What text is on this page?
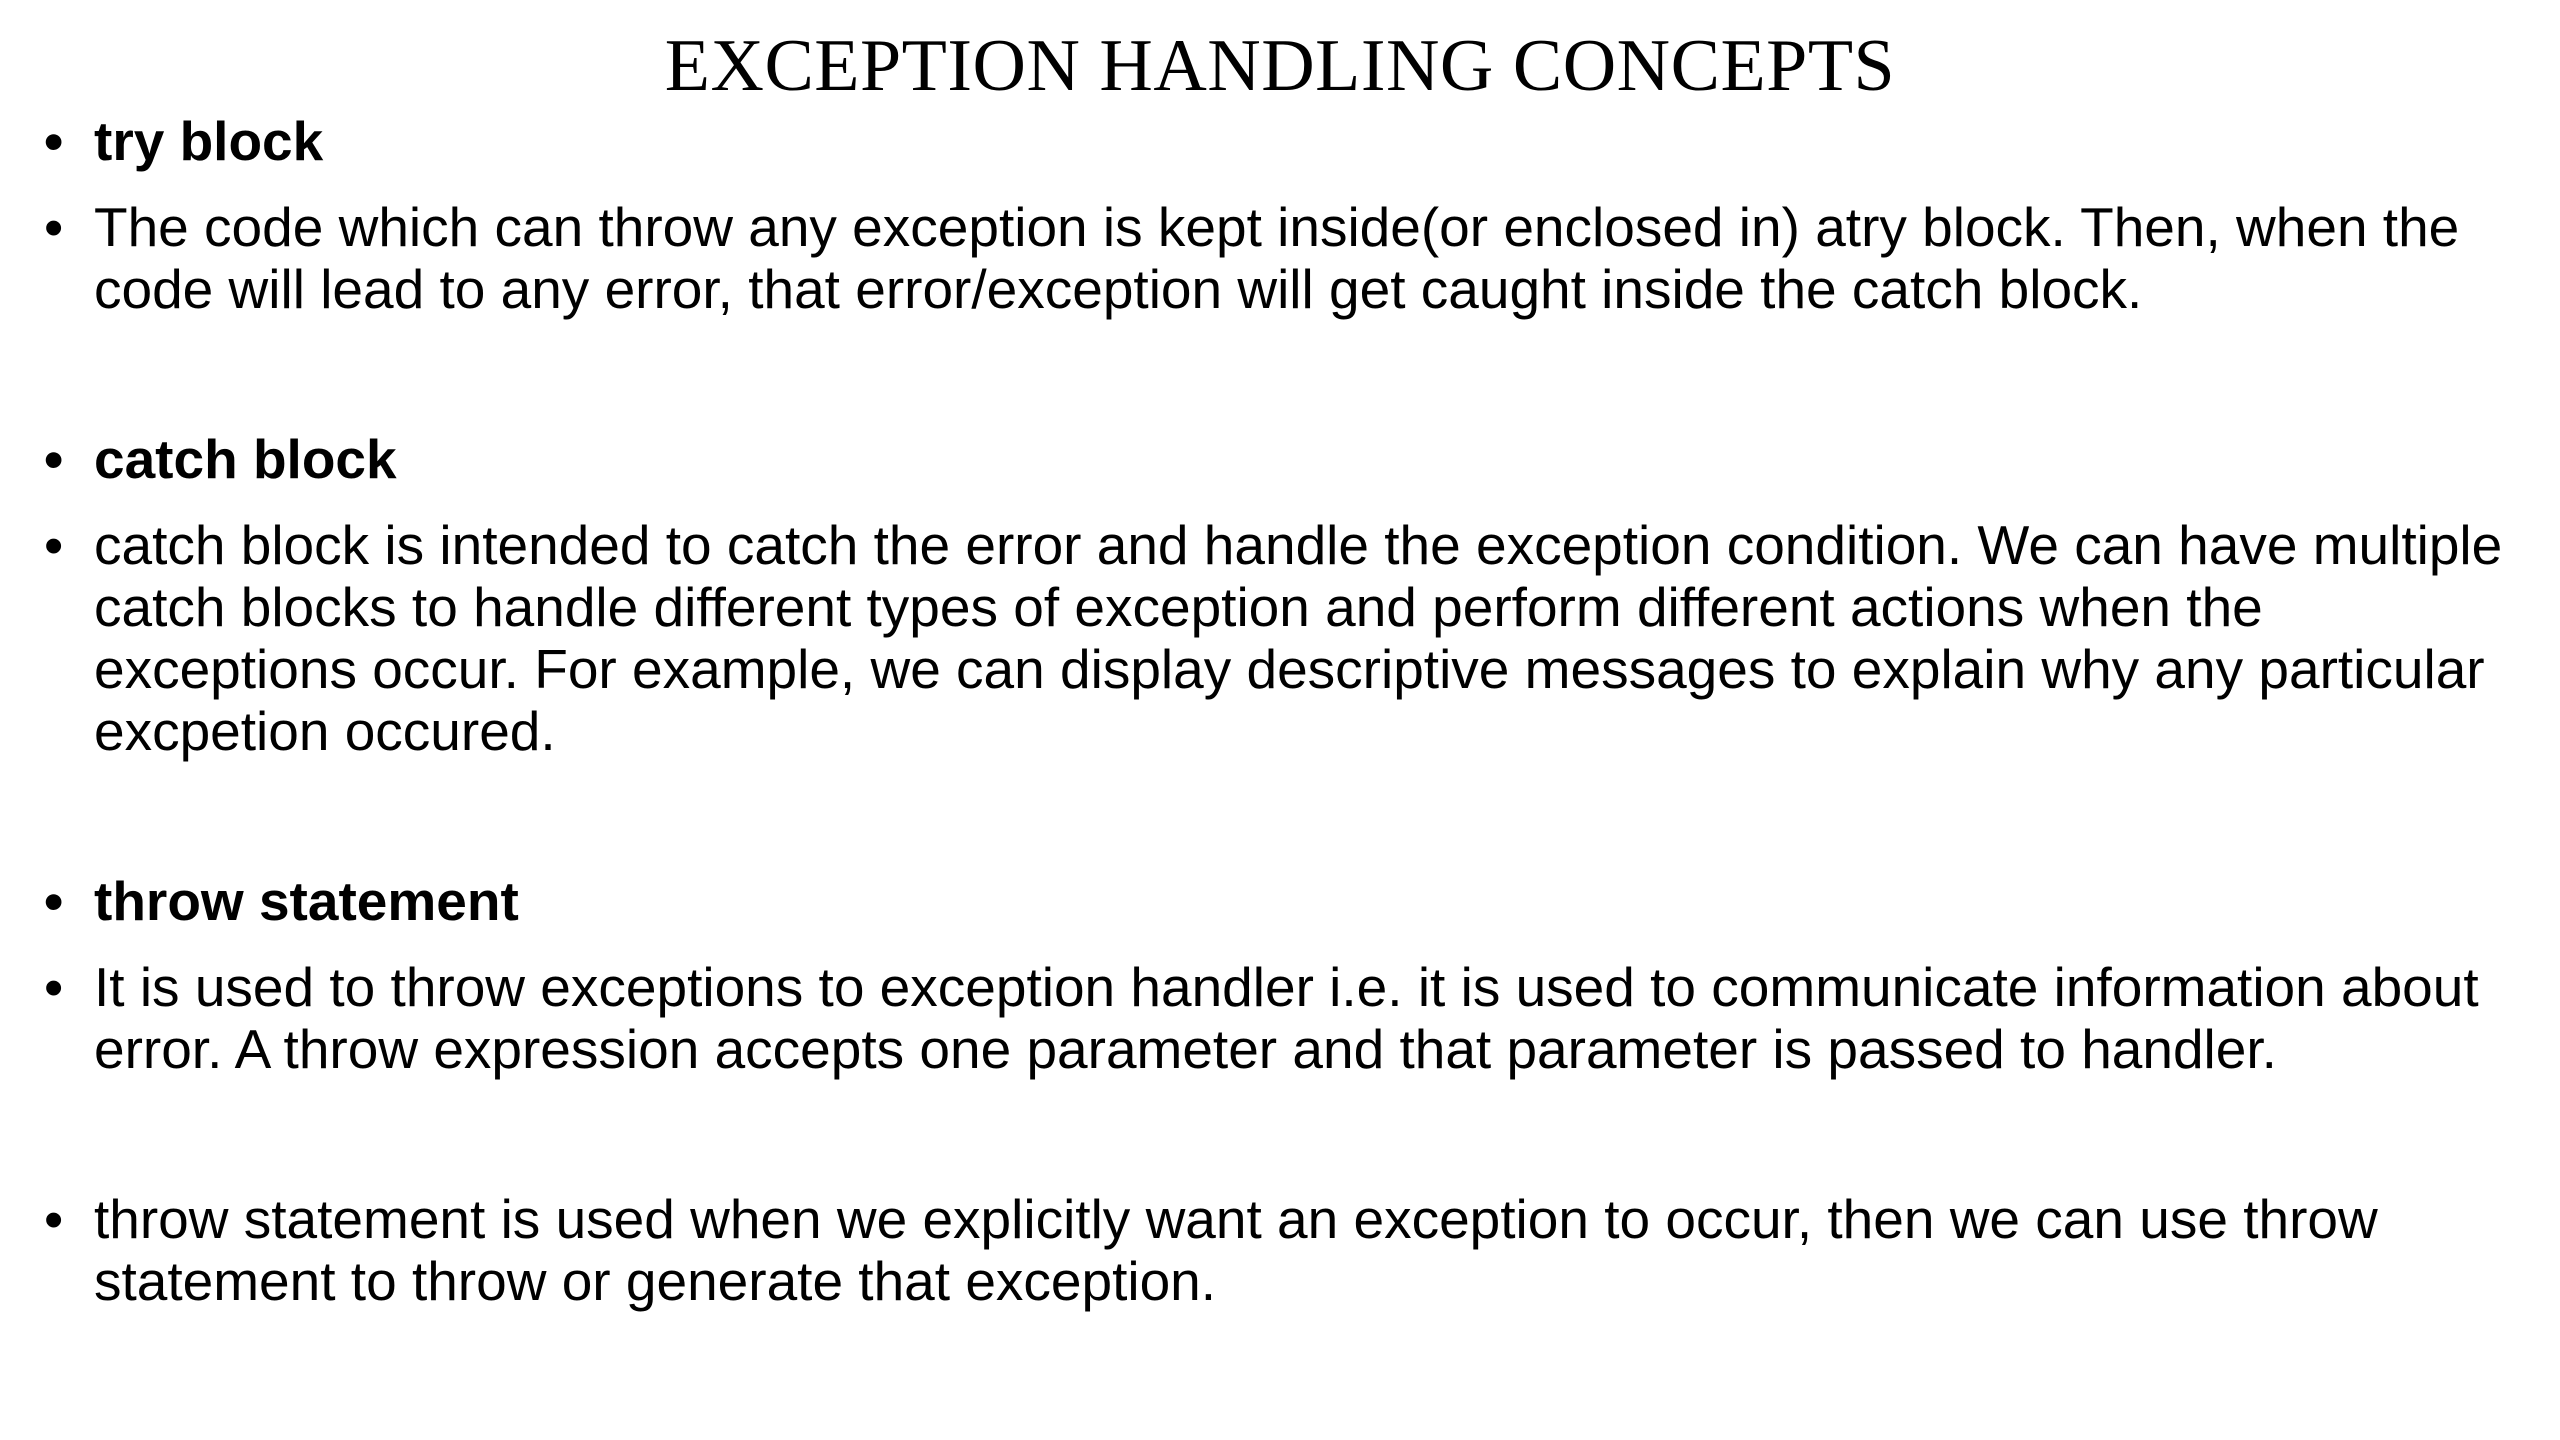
EXCEPTION HANDLING CONCEPTS
• try block
• The code which can throw any exception is kept inside(or enclosed in) atry block. Then, when the code will lead to any error, that error/exception will get caught inside the catch block.
• catch block
• catch block is intended to catch the error and handle the exception condition. We can have multiple catch blocks to handle different types of exception and perform different actions when the exceptions occur. For example, we can display descriptive messages to explain why any particular excpetion occured.
• throw statement
• It is used to throw exceptions to exception handler i.e. it is used to communicate information about error. A throw expression accepts one parameter and that parameter is passed to handler.
• throw statement is used when we explicitly want an exception to occur, then we can use throw statement to throw or generate that exception.
